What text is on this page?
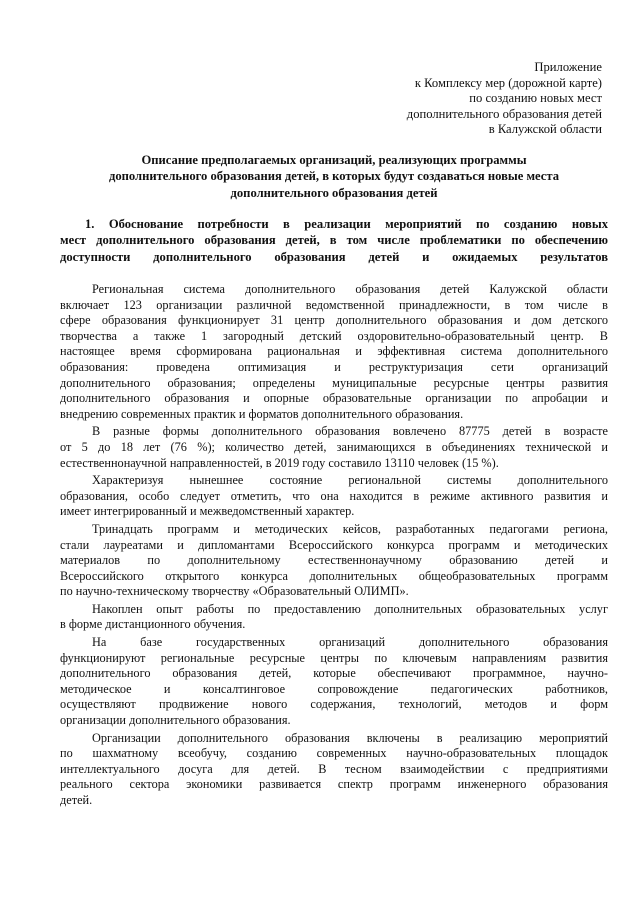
Приложение
к Комплексу мер (дорожной карте)
по созданию новых мест
дополнительного образования детей
в Калужской области
Описание предполагаемых организаций, реализующих программы
дополнительного образования детей, в которых будут создаваться новые места
дополнительного образования детей
1. Обоснование потребности в реализации мероприятий по созданию новых
мест дополнительного образования детей, в том числе проблематики по обеспечению
доступности дополнительного образования детей и ожидаемых результатов
Региональная система дополнительного образования детей Калужской области
включает 123 организации различной ведомственной принадлежности, в том числе в
сфере образования функционирует 31 центр дополнительного образования и дом детского
творчества а также 1 загородный детский оздоровительно-образовательный центр. В
настоящее время сформирована рациональная и эффективная система дополнительного
образования: проведена оптимизация и реструктуризация сети организаций
дополнительного образования; определены муниципальные ресурсные центры развития
дополнительного образования и опорные образовательные организации по апробации и
внедрению современных практик и форматов дополнительного образования.
В разные формы дополнительного образования вовлечено 87775 детей в возрасте
от 5 до 18 лет (76 %); количество детей, занимающихся в объединениях технической и
естественнонаучной направленностей, в 2019 году составило 13110 человек (15 %).
Характеризуя нынешнее состояние региональной системы дополнительного
образования, особо следует отметить, что она находится в режиме активного развития и
имеет интегрированный и межведомственный характер.
Тринадцать программ и методических кейсов, разработанных педагогами региона,
стали лауреатами и дипломантами Всероссийского конкурса программ и методических
материалов по дополнительному естественнонаучному образованию детей и
Всероссийского открытого конкурса дополнительных общеобразовательных программ
по научно-техническому творчеству «Образовательный ОЛИМП».
Накоплен опыт работы по предоставлению дополнительных образовательных услуг
в форме дистанционного обучения.
На базе государственных организаций дополнительного образования
функционируют региональные ресурсные центры по ключевым направлениям развития
дополнительного образования детей, которые обеспечивают программное, научно-
методическое и консалтинговое сопровождение педагогических работников,
осуществляют продвижение нового содержания, технологий, методов и форм
организации дополнительного образования.
Организации дополнительного образования включены в реализацию мероприятий
по шахматному всеобучу, созданию современных научно-образовательных площадок
интеллектуального досуга для детей. В тесном взаимодействии с предприятиями
реального сектора экономики развивается спектр программ инженерного образования
детей.
